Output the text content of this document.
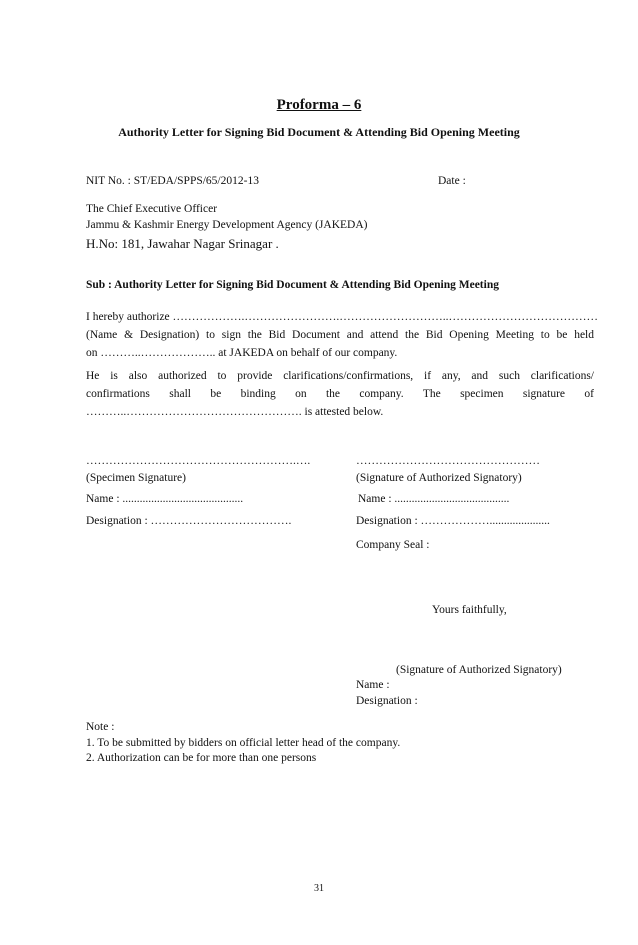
Proforma – 6
Authority Letter for Signing Bid Document & Attending Bid Opening Meeting
NIT No. : ST/EDA/SPPS/65/2012-13	Date :
The Chief Executive Officer
Jammu & Kashmir Energy Development Agency (JAKEDA)
H.No: 181, Jawahar Nagar Srinagar .
Sub : Authority Letter for Signing Bid Document & Attending Bid Opening Meeting
I hereby authorize ……………….…………………….………………………..…………………………………
(Name & Designation) to sign the Bid Document and attend the Bid Opening Meeting to be held
on ………..……………….. at JAKEDA on behalf of our company.
He is also authorized to provide clarifications/confirmations, if any, and such clarifications/
confirmations shall be binding on the company. The specimen signature of
………..………………………………………. is attested below.
……………………………………………….….	…………………………………………
(Specimen Signature)	(Signature of Authorized Signatory)
Name : ..........................................	Name : ........................................
Designation : ……………………………….	Designation : ……………….....................
Company Seal :
Yours faithfully,
(Signature of Authorized Signatory)
Name :
Designation :
Note :
1. To be submitted by bidders on official letter head of the company.
2. Authorization can be for more than one persons
31
